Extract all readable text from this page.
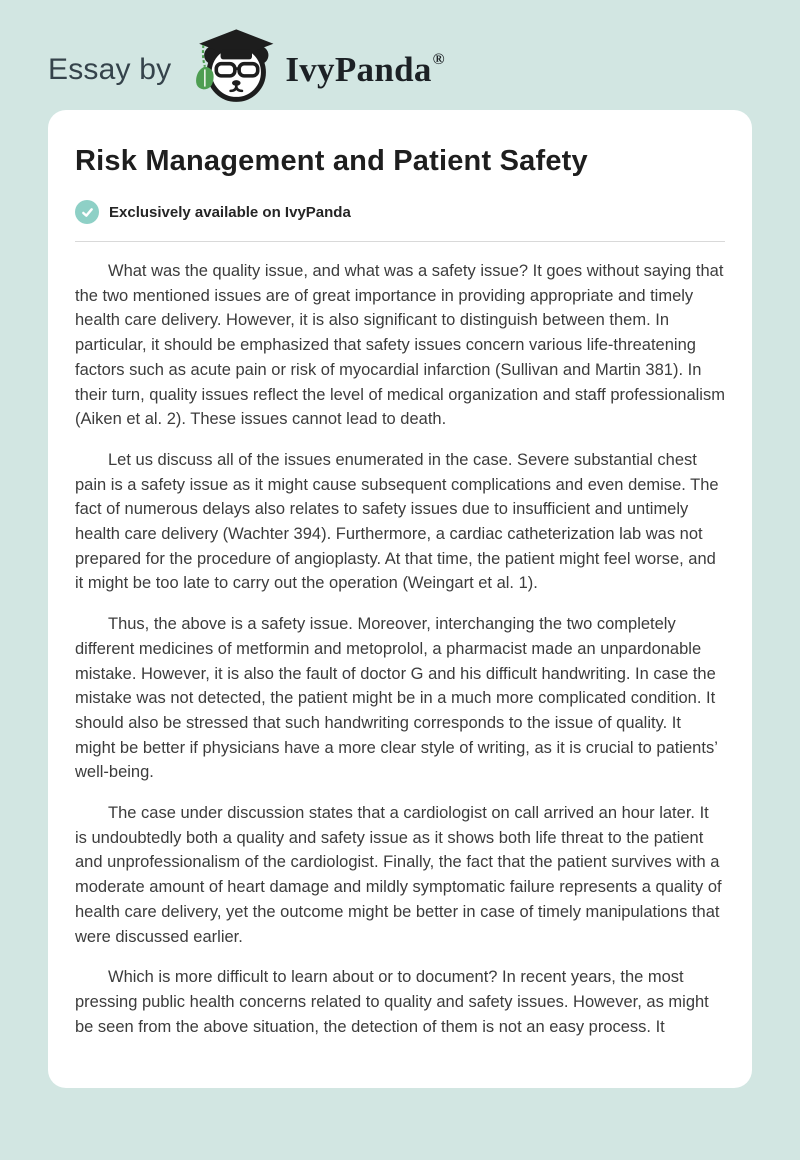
Essay by	IvyPanda®
Risk Management and Patient Safety
Exclusively available on IvyPanda

What was the quality issue, and what was a safety issue? It goes without saying that the two mentioned issues are of great importance in providing appropriate and timely health care delivery. However, it is also significant to distinguish between them. In particular, it should be emphasized that safety issues concern various life-threatening factors such as acute pain or risk of myocardial infarction (Sullivan and Martin 381). In their turn, quality issues reflect the level of medical organization and staff professionalism (Aiken et al. 2). These issues cannot lead to death.

Let us discuss all of the issues enumerated in the case. Severe substantial chest pain is a safety issue as it might cause subsequent complications and even demise. The fact of numerous delays also relates to safety issues due to insufficient and untimely health care delivery (Wachter 394). Furthermore, a cardiac catheterization lab was not prepared for the procedure of angioplasty. At that time, the patient might feel worse, and it might be too late to carry out the operation (Weingart et al. 1).

Thus, the above is a safety issue. Moreover, interchanging the two completely different medicines of metformin and metoprolol, a pharmacist made an unpardonable mistake. However, it is also the fault of doctor G and his difficult handwriting. In case the mistake was not detected, the patient might be in a much more complicated condition. It should also be stressed that such handwriting corresponds to the issue of quality. It might be better if physicians have a more clear style of writing, as it is crucial to patients’ well-being.

The case under discussion states that a cardiologist on call arrived an hour later. It is undoubtedly both a quality and safety issue as it shows both life threat to the patient and unprofessionalism of the cardiologist. Finally, the fact that the patient survives with a moderate amount of heart damage and mildly symptomatic failure represents a quality of health care delivery, yet the outcome might be better in case of timely manipulations that were discussed earlier.

Which is more difficult to learn about or to document? In recent years, the most pressing public health concerns related to quality and safety issues. However, as might be seen from the above situation, the detection of them is not an easy process. It
